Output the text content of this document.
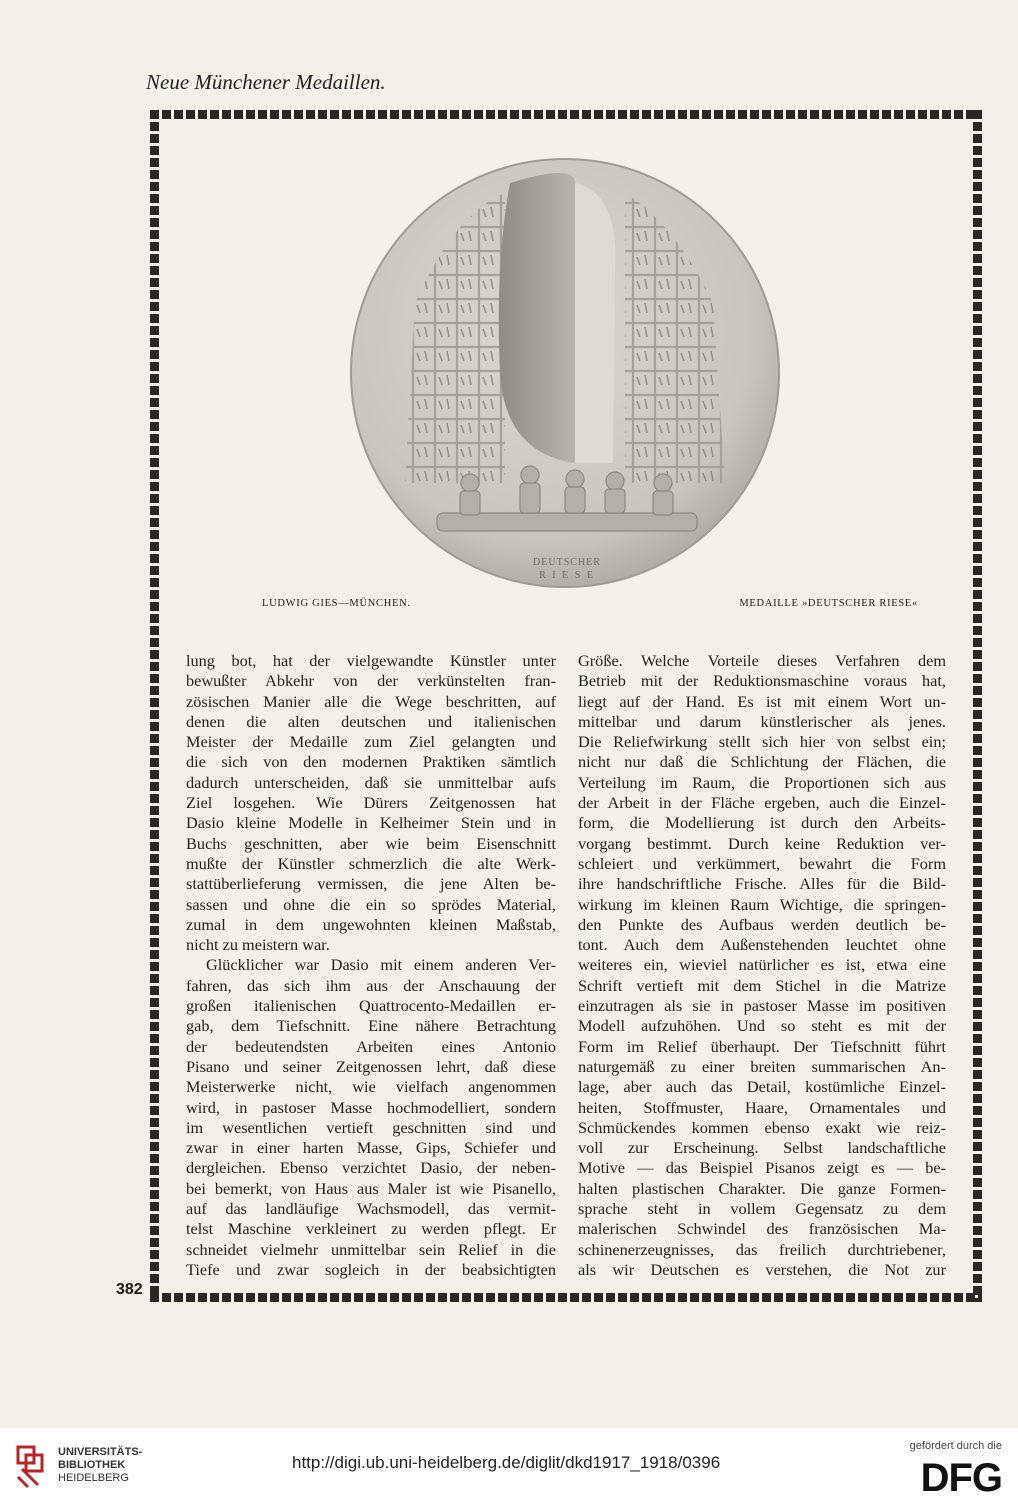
Neue Münchener Medaillen.
382
DEUTSCHER
R I E S E
LUDWIG GIES—MÜNCHEN.	MEDAILLE »DEUTSCHER RIESE«

lung bot, hat der vielgewandte Künstler unter

bewußter Abkehr von der verkünstelten fran-

zösischen Manier alle die Wege beschritten, auf

denen die alten deutschen und italienischen

Meister der Medaille zum Ziel gelangten und

die sich von den modernen Praktiken sämtlich

dadurch unterscheiden, daß sie unmittelbar aufs

Ziel losgehen. Wie Dürers Zeitgenossen hat

Dasio kleine Modelle in Kelheimer Stein und in

Buchs geschnitten, aber wie beim Eisenschnitt

mußte der Künstler schmerzlich die alte Werk-

stattüberlieferung vermissen, die jene Alten be-

sassen und ohne die ein so sprödes Material,

zumal in dem ungewohnten kleinen Maßstab,

nicht zu meistern war.

Glücklicher war Dasio mit einem anderen Ver-

fahren, das sich ihm aus der Anschauung der

großen italienischen Quattrocento-Medaillen er-

gab, dem Tiefschnitt. Eine nähere Betrachtung

der bedeutendsten Arbeiten eines Antonio

Pisano und seiner Zeitgenossen lehrt, daß diese

Meisterwerke nicht, wie vielfach angenommen

wird, in pastoser Masse hochmodelliert, sondern

im wesentlichen vertieft geschnitten sind und

zwar in einer harten Masse, Gips, Schiefer und

dergleichen. Ebenso verzichtet Dasio, der neben-

bei bemerkt, von Haus aus Maler ist wie Pisanello,

auf das landläufige Wachsmodell, das vermit-

telst Maschine verkleinert zu werden pflegt. Er

schneidet vielmehr unmittelbar sein Relief in die

Tiefe und zwar sogleich in der beabsichtigten

Größe. Welche Vorteile dieses Verfahren dem

Betrieb mit der Reduktionsmaschine voraus hat,

liegt auf der Hand. Es ist mit einem Wort un-

mittelbar und darum künstlerischer als jenes.

Die Reliefwirkung stellt sich hier von selbst ein;

nicht nur daß die Schlichtung der Flächen, die

Verteilung im Raum, die Proportionen sich aus

der Arbeit in der Fläche ergeben, auch die Einzel-

form, die Modellierung ist durch den Arbeits-

vorgang bestimmt. Durch keine Reduktion ver-

schleiert und verkümmert, bewahrt die Form

ihre handschriftliche Frische. Alles für die Bild-

wirkung im kleinen Raum Wichtige, die springen-

den Punkte des Aufbaus werden deutlich be-

tont. Auch dem Außenstehenden leuchtet ohne

weiteres ein, wieviel natürlicher es ist, etwa eine

Schrift vertieft mit dem Stichel in die Matrize

einzutragen als sie in pastoser Masse im positiven

Modell aufzuhöhen. Und so steht es mit der

Form im Relief überhaupt. Der Tiefschnitt führt

naturgemäß zu einer breiten summarischen An-

lage, aber auch das Detail, kostümliche Einzel-

heiten, Stoffmuster, Haare, Ornamentales und

Schmückendes kommen ebenso exakt wie reiz-

voll zur Erscheinung. Selbst landschaftliche

Motive — das Beispiel Pisanos zeigt es — be-

halten plastischen Charakter. Die ganze Formen-

sprache steht in vollem Gegensatz zu dem

malerischen Schwindel des französischen Ma-

schinenerzeugnisses, das freilich durchtriebener,

als wir Deutschen es verstehen, die Not zur

UNIVERSITÄTS-
BIBLIOTHEK
HEIDELBERG
http://digi.ub.uni-heidelberg.de/diglit/dkd1917_1918/0396
gefördert durch die
DFG
